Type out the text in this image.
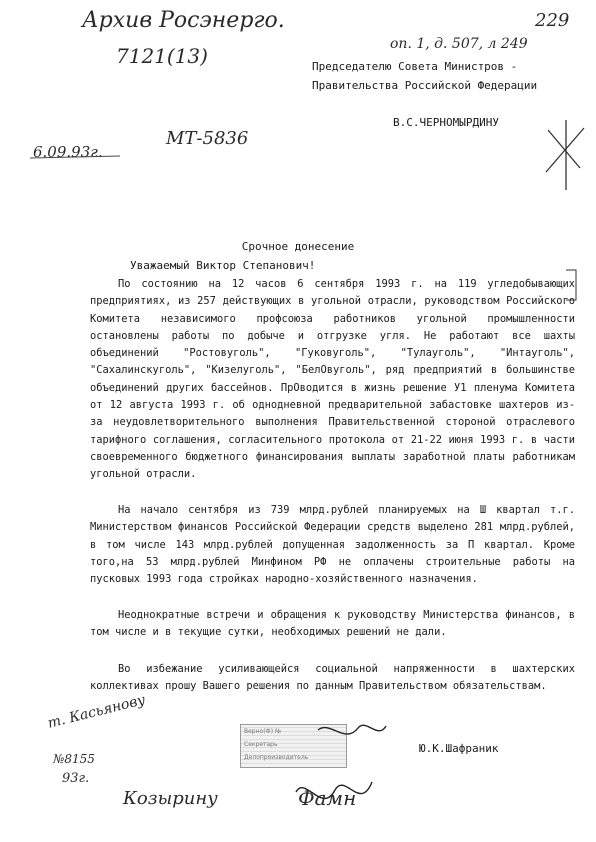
Архив Росэнерго.
7121(13)	оп. 1, д. 507, л 249
229
6.09.93г.
МТ-5836
Председателю Совета Министров -
Правительства Российской Федерации
В.С.ЧЕРНОМЫРДИНУ
Срочное донесение
Уважаемый Виктор Степанович!
По состоянию на 12 часов 6 сентября 1993 г. на 119 угледобывающих предприятиях, из 257 действующих в угольной отрасли, руководством Российского Комитета независимого профсоюза работников угольной промышленности остановлены работы по добыче и отгрузке угля. Не работают все шахты объединений "Ростовуголь", "Гуковуголь", "Тулауголь", "Интауголь", "Сахалинскуголь", "Кизелуголь", "БелОвуголь", ряд предприятий в большинстве объединений других бассейнов. ПрОводится в жизнь решение У1 пленума Комитета от 12 августа 1993 г. об однодневной предварительной забастовке шахтеров из-за неудовлетворительного выполнения Правительственной стороной отраслевого тарифного соглашения, согласительного протокола от 21-22 июня 1993 г. в части своевременного бюджетного финансирования выплаты заработной платы работникам угольной отрасли.
На начало сентября из 739 млрд.рублей планируемых на Ш квартал т.г. Министерством финансов Российской Федерации средств выделено 281 млрд.рублей, в том числе 143 млрд.рублей допущенная задолженность за П квартал. Кроме того,на 53 млрд.рублей Минфином РФ не оплачены строительные работы на пусковых 1993 года стройках народно-хозяйственного назначения.
Неоднократные встречи и обращения к руководству Министерства финансов, в том числе и в текущие сутки, необходимых решений не дали.
Во избежание усиливающейся социальной напряженности в шахтерских коллективах прошу Вашего решения по данным Правительством обязательствам.
Верно(Ф) №
Секретарь
Делопроизводитель
Ю.К.Шафраник
т. Касьянову
№8155
93г.
Козырину	Фамн
